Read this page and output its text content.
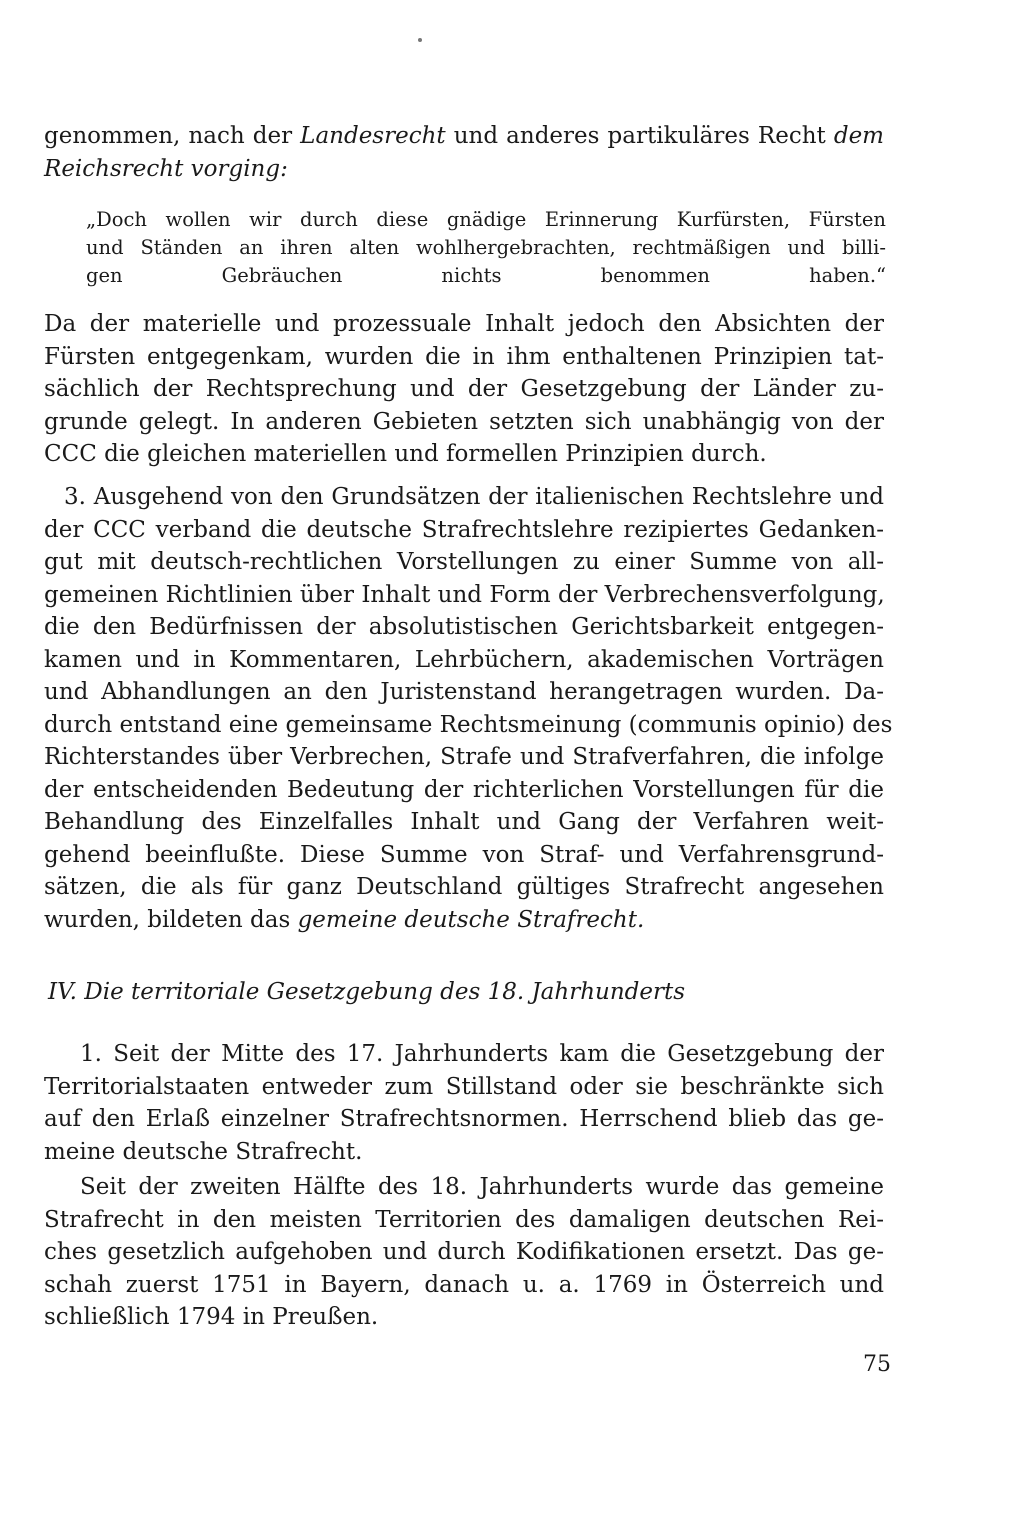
genommen, nach der Landesrecht und anderes partikuläres Recht dem
Reichsrecht vorging:
„Doch wollen wir durch diese gnädige Erinnerung Kurfürsten, Fürsten
und Ständen an ihren alten wohlhergebrachten, rechtmäßigen und billi-
gen Gebräuchen nichts benommen haben.“
Da der materielle und prozessuale Inhalt jedoch den Absichten der
Fürsten entgegenkam, wurden die in ihm enthaltenen Prinzipien tat-
sächlich der Rechtsprechung und der Gesetzgebung der Länder zu-
grunde gelegt. In anderen Gebieten setzten sich unabhängig von der
CCC die gleichen materiellen und formellen Prinzipien durch.
3. Ausgehend von den Grundsätzen der italienischen Rechtslehre und
der CCC verband die deutsche Strafrechtslehre rezipiertes Gedanken-
gut mit deutsch-rechtlichen Vorstellungen zu einer Summe von all-
gemeinen Richtlinien über Inhalt und Form der Verbrechensverfolgung,
die den Bedürfnissen der absolutistischen Gerichtsbarkeit entgegen-
kamen und in Kommentaren, Lehrbüchern, akademischen Vorträgen
und Abhandlungen an den Juristenstand herangetragen wurden. Da-
durch entstand eine gemeinsame Rechtsmeinung (communis opinio) des
Richterstandes über Verbrechen, Strafe und Strafverfahren, die infolge
der entscheidenden Bedeutung der richterlichen Vorstellungen für die
Behandlung des Einzelfalles Inhalt und Gang der Verfahren weit-
gehend beeinflußte. Diese Summe von Straf- und Verfahrensgrund-
sätzen, die als für ganz Deutschland gültiges Strafrecht angesehen
wurden, bildeten das gemeine deutsche Strafrecht.
IV. Die territoriale Gesetzgebung des 18. Jahrhunderts
1. Seit der Mitte des 17. Jahrhunderts kam die Gesetzgebung der
Territorialstaaten entweder zum Stillstand oder sie beschränkte sich
auf den Erlaß einzelner Strafrechtsnormen. Herrschend blieb das ge-
meine deutsche Strafrecht.
Seit der zweiten Hälfte des 18. Jahrhunderts wurde das gemeine
Strafrecht in den meisten Territorien des damaligen deutschen Rei-
ches gesetzlich aufgehoben und durch Kodifikationen ersetzt. Das ge-
schah zuerst 1751 in Bayern, danach u. a. 1769 in Österreich und
schließlich 1794 in Preußen.
75
